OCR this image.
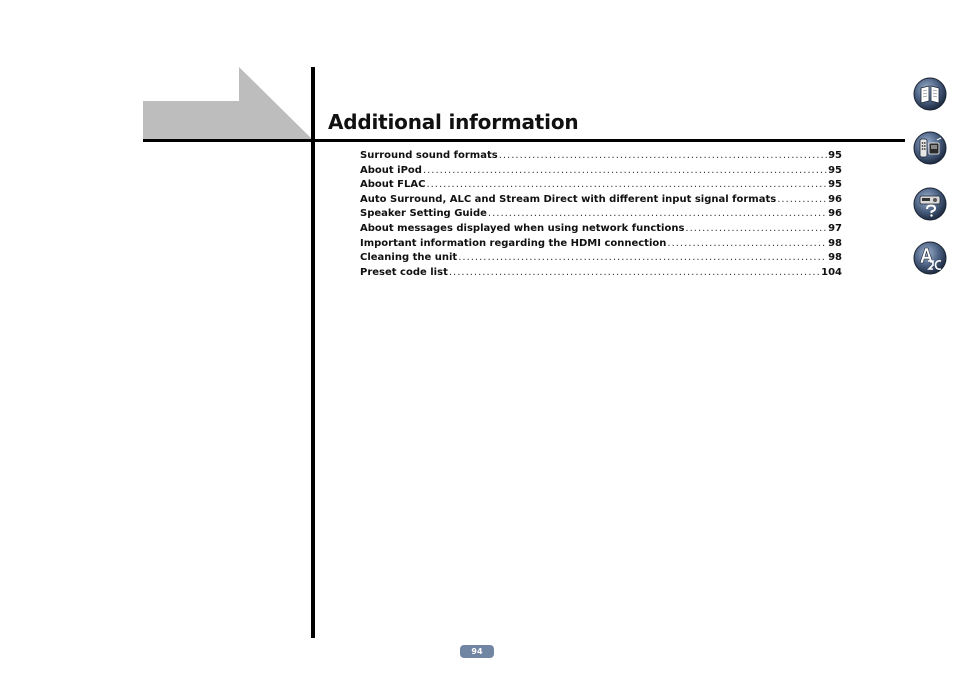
Additional information
Surround sound formats .....	95
About iPod .....	95
About FLAC .....	95
Auto Surround, ALC and Stream Direct with different input signal formats .....	96
Speaker Setting Guide .....	96
About messages displayed when using network functions .....	97
Important information regarding the HDMI connection .....	98
Cleaning the unit .....	98
Preset code list .....	104
94
